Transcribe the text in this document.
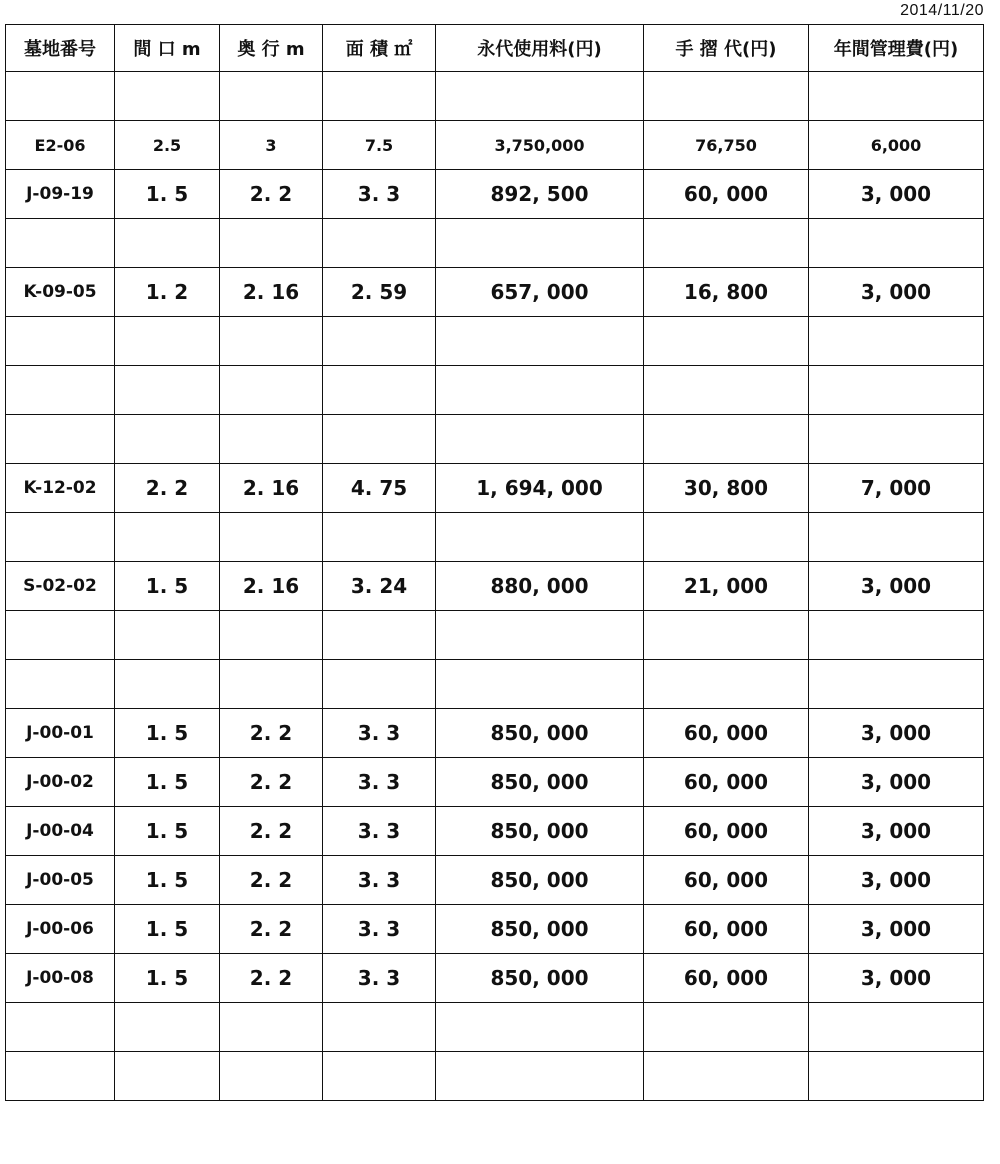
2014/11/20
墓地番号	間 口 m	奥 行 m	面 積 ㎡	永代使用料(円)	手 摺 代(円)	年間管理費(円)

E2-06	2.5	3	7.5	3,750,000	76,750	6,000
J-09-19	1. 5	2. 2	3. 3	892, 500	60, 000	3, 000

K-09-05	1. 2	2. 16	2. 59	657, 000	16, 800	3, 000

K-12-02	2. 2	2. 16	4. 75	1, 694, 000	30, 800	7, 000

S-02-02	1. 5	2. 16	3. 24	880, 000	21, 000	3, 000

J-00-01	1. 5	2. 2	3. 3	850, 000	60, 000	3, 000
J-00-02	1. 5	2. 2	3. 3	850, 000	60, 000	3, 000
J-00-04	1. 5	2. 2	3. 3	850, 000	60, 000	3, 000
J-00-05	1. 5	2. 2	3. 3	850, 000	60, 000	3, 000
J-00-06	1. 5	2. 2	3. 3	850, 000	60, 000	3, 000
J-00-08	1. 5	2. 2	3. 3	850, 000	60, 000	3, 000
